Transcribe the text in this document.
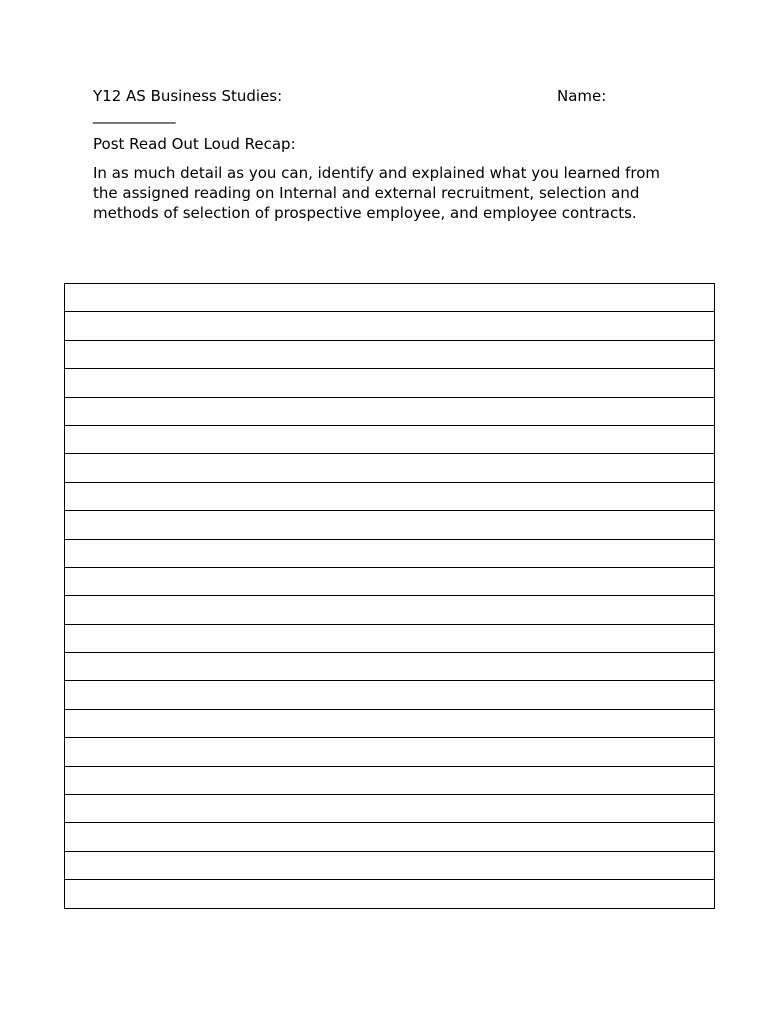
Y12 AS Business Studies:	Name:
___________
Post Read Out Loud Recap:
In as much detail as you can, identify and explained what you learned from the assigned reading on Internal and external recruitment, selection and methods of selection of prospective employee, and employee contracts.
